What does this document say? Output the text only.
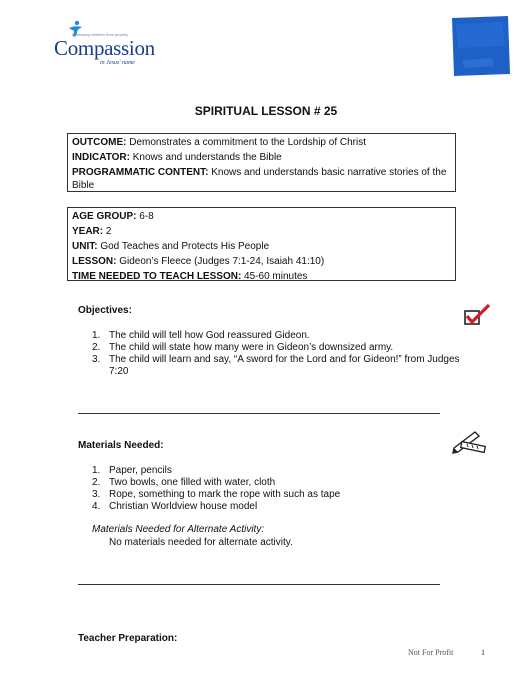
Releasing children from poverty
Compassion
in Jesus' name
SPIRITUAL LESSON # 25

OUTCOME: Demonstrates a commitment to the Lordship of Christ

INDICATOR: Knows and understands the Bible

PROGRAMMATIC CONTENT: Knows and understands basic narrative stories of the Bible

AGE GROUP: 6-8

YEAR: 2

UNIT: God Teaches and Protects His People

LESSON: Gideon’s Fleece (Judges 7:1-24, Isaiah 41:10)

TIME NEEDED TO TEACH LESSON: 45-60 minutes

Objectives:
1. The child will tell how God reassured Gideon.
2. The child will state how many were in Gideon’s downsized army.
3. The child will learn and say, “A sword for the Lord and for Gideon!” from Judges 7:20
Materials Needed:
1. Paper, pencils
2. Two bowls, one filled with water, cloth
3. Rope, something to mark the rope with such as tape
4. Christian Worldview house model
Materials Needed for Alternate Activity:
No materials needed for alternate activity.
Teacher Preparation:
Not For Profit	1
